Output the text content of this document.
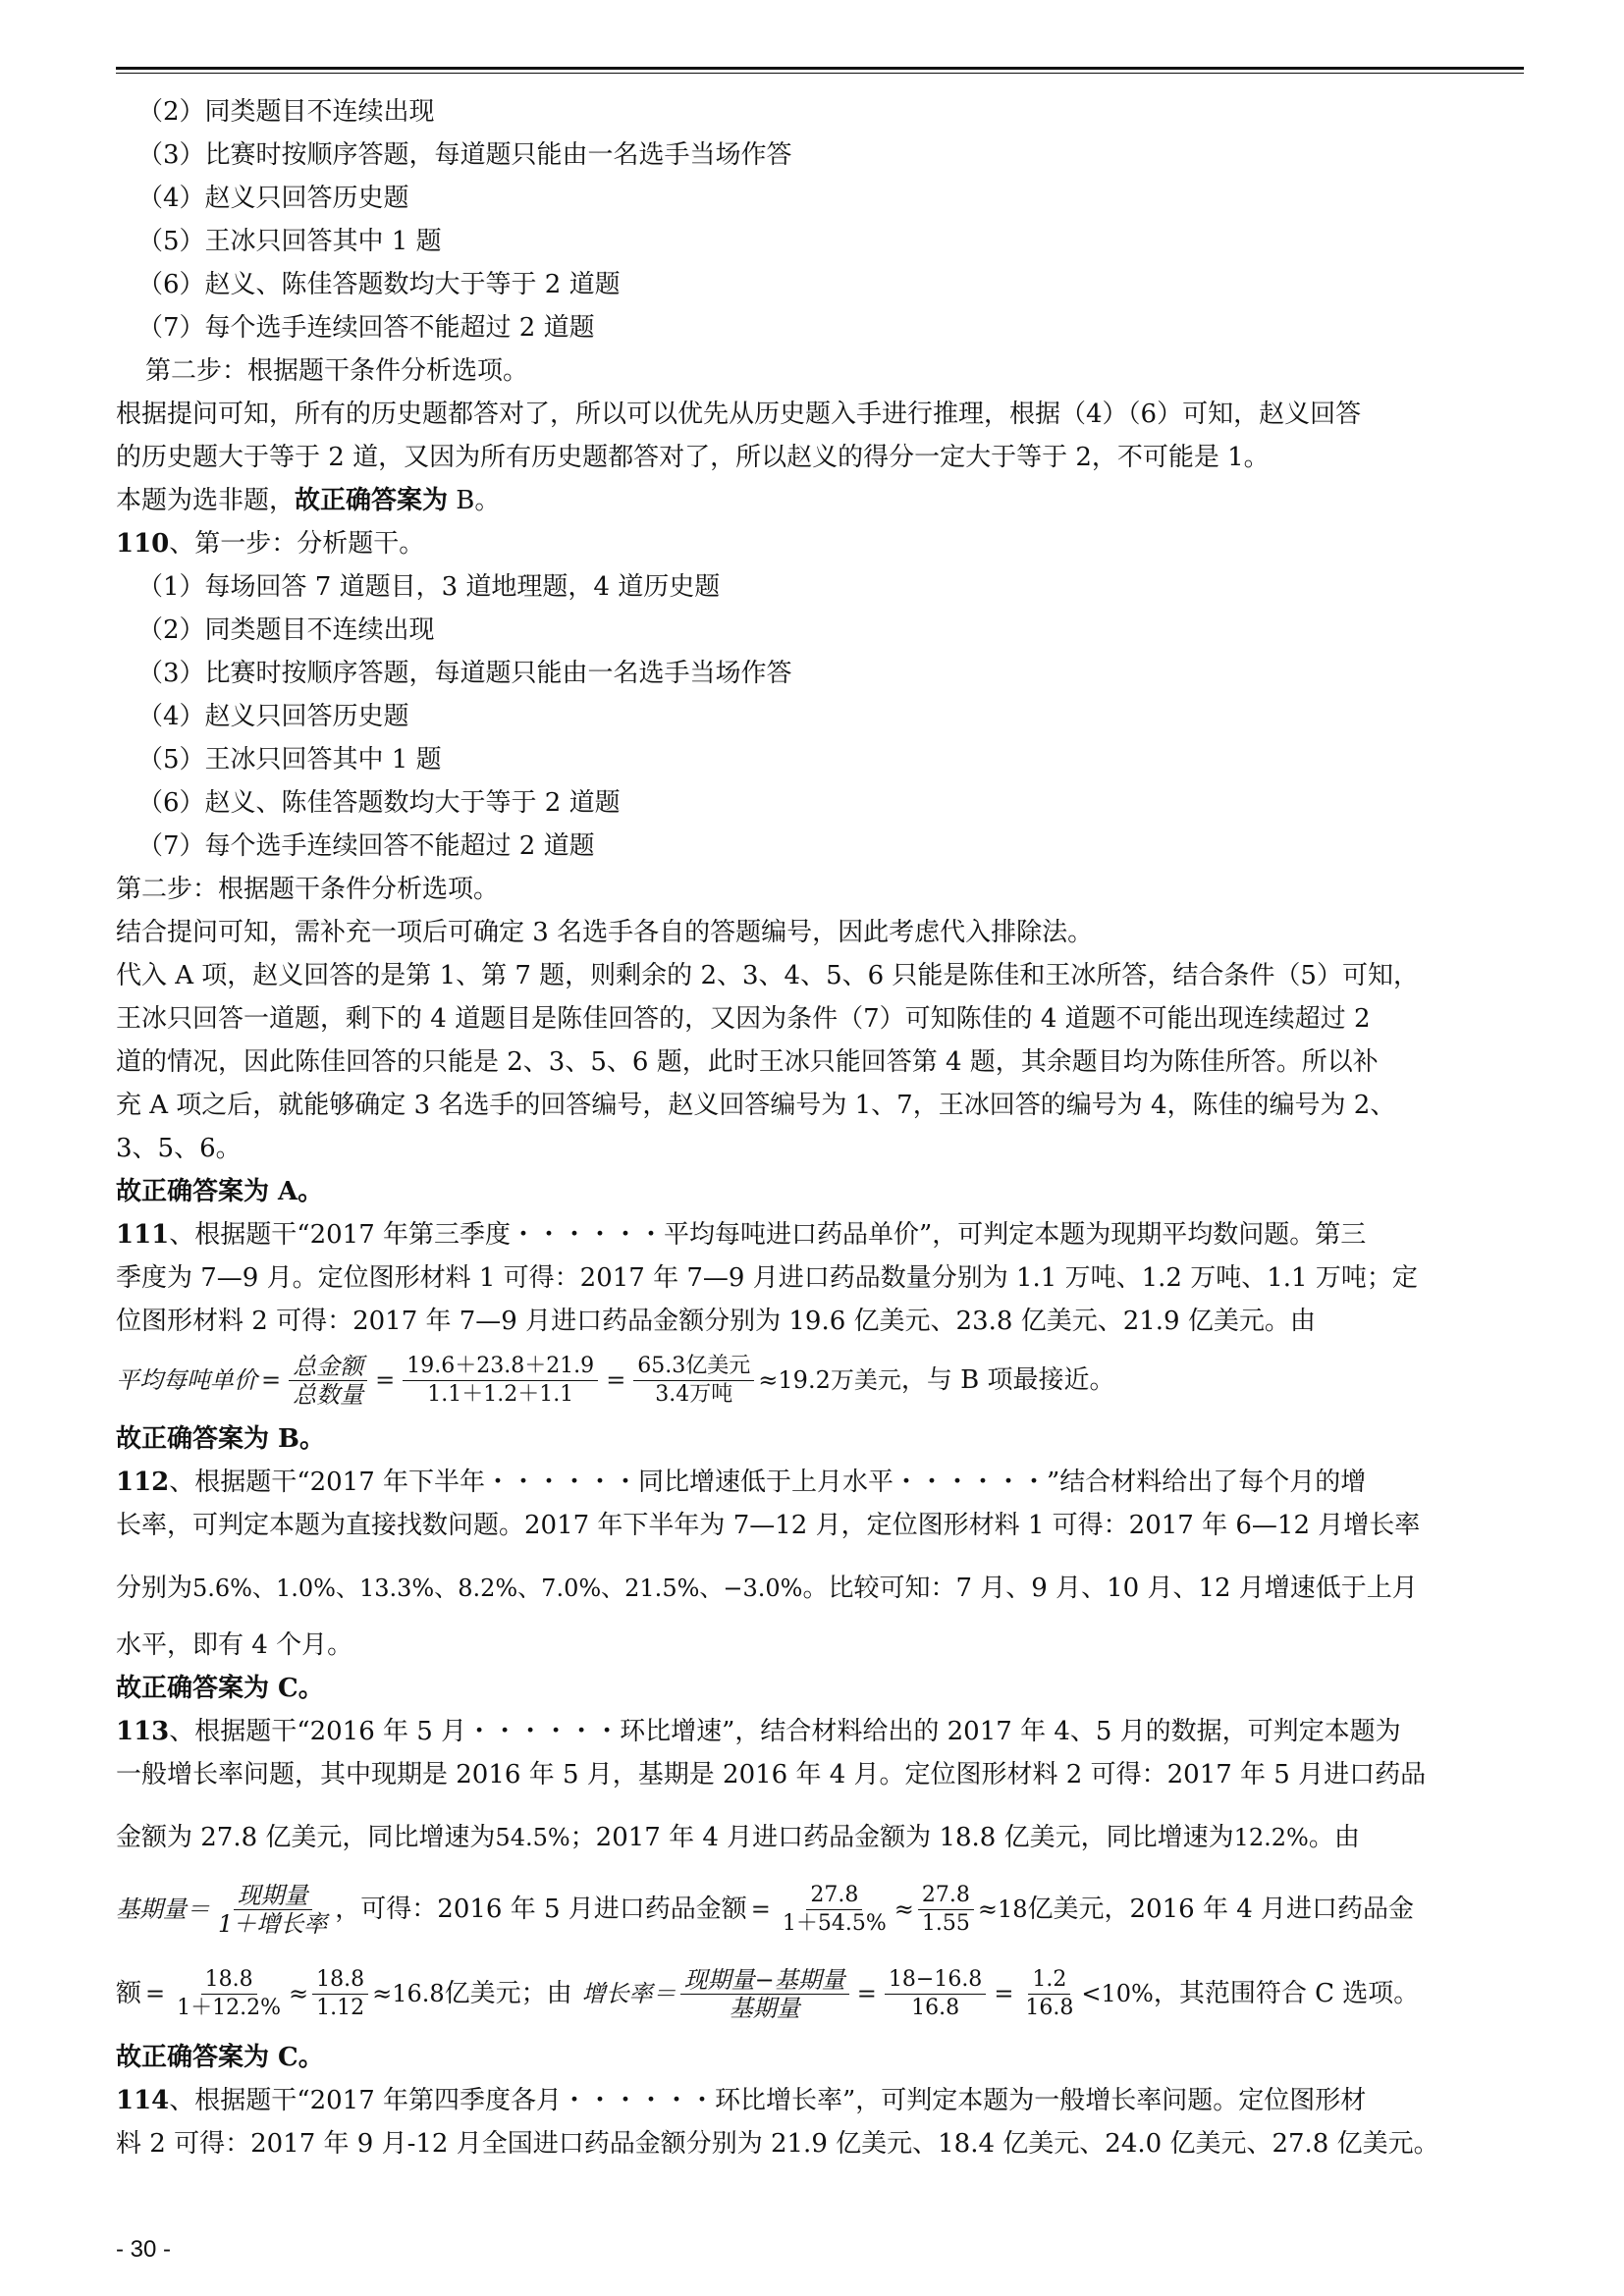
（2）同类题目不连续出现

（3）比赛时按顺序答题，每道题只能由一名选手当场作答

（4）赵义只回答历史题

（5）王冰只回答其中 1 题

（6）赵义、陈佳答题数均大于等于 2 道题

（7）每个选手连续回答不能超过 2 道题

第二步：根据题干条件分析选项。

根据提问可知，所有的历史题都答对了，所以可以优先从历史题入手进行推理，根据（4）（6）可知，赵义回答

的历史题大于等于 2 道，又因为所有历史题都答对了，所以赵义的得分一定大于等于 2，不可能是 1。

本题为选非题，故正确答案为 B。

110、第一步：分析题干。

（1）每场回答 7 道题目，3 道地理题，4 道历史题

（2）同类题目不连续出现

（3）比赛时按顺序答题，每道题只能由一名选手当场作答

（4）赵义只回答历史题

（5）王冰只回答其中 1 题

（6）赵义、陈佳答题数均大于等于 2 道题

（7）每个选手连续回答不能超过 2 道题

第二步：根据题干条件分析选项。

结合提问可知，需补充一项后可确定 3 名选手各自的答题编号，因此考虑代入排除法。

代入 A 项，赵义回答的是第 1、第 7 题，则剩余的 2、3、4、5、6 只能是陈佳和王冰所答，结合条件（5）可知，

王冰只回答一道题，剩下的 4 道题目是陈佳回答的，又因为条件（7）可知陈佳的 4 道题不可能出现连续超过 2

道的情况，因此陈佳回答的只能是 2、3、5、6 题，此时王冰只能回答第 4 题，其余题目均为陈佳所答。所以补

充 A 项之后，就能够确定 3 名选手的回答编号，赵义回答编号为 1、7，王冰回答的编号为 4，陈佳的编号为 2、

3、5、6。

故正确答案为 A。

111、根据题干“2017 年第三季度・・・・・・平均每吨进口药品单价”，可判定本题为现期平均数问题。第三

季度为 7—9 月。定位图形材料 1 可得：2017 年 7—9 月进口药品数量分别为 1.1 万吨、1.2 万吨、1.1 万吨；定

位图形材料 2 可得：2017 年 7—9 月进口药品金额分别为 19.6 亿美元、23.8 亿美元、21.9 亿美元。由

平均每吨单价 = $\frac{\text{总金额}}{\text{总数量}} = \frac{19.6+23.8+21.9}{1.1+1.2+1.1} = \frac{\text{65.3亿美元}}{\text{3.4万吨}} \approx 19.2$万美元 ，与 B 项最接近。

故正确答案为 B。

112、根据题干“2017 年下半年・・・・・・同比增速低于上月水平・・・・・・”结合材料给出了每个月的增

长率，可判定本题为直接找数问题。2017 年下半年为 7—12 月，定位图形材料 1 可得：2017 年 6—12 月增长率

分别为5.6%、1.0%、13.3%、8.2%、7.0%、21.5%、−3.0%。比较可知：7 月、9 月、10 月、12 月增速低于上月

水平，即有 4 个月。

故正确答案为 C。

113、根据题干“2016 年 5 月・・・・・・环比增速”，结合材料给出的 2017 年 4、5 月的数据，可判定本题为

一般增长率问题，其中现期是 2016 年 5 月，基期是 2016 年 4 月。定位图形材料 2 可得：2017 年 5 月进口药品

金额为 27.8 亿美元，同比增速为54.5%；2017 年 4 月进口药品金额为 18.8 亿美元，同比增速为12.2%。由

基期量＝ $\frac{\text{现期量}}{\text{1＋增长率}}$ ，可得：2016 年 5 月进口药品金额 = $\frac{27.8}{1+54.5\%} \approx \frac{27.8}{1.55} \approx 18$ 亿美元，2016 年 4 月进口药品金

额 = $\frac{18.8}{1+12.2\%} \approx \frac{18.8}{1.12} \approx 16.8$ 亿美元；由 增长率＝ $\frac{\text{现期量−基期量}}{\text{基期量}} = \frac{18-16.8}{16.8} = \frac{1.2}{16.8} <10\%$ ，其范围符合 C 选项。

故正确答案为 C。

114、根据题干“2017 年第四季度各月・・・・・・环比增长率”，可判定本题为一般增长率问题。定位图形材

料 2 可得：2017 年 9 月-12 月全国进口药品金额分别为 21.9 亿美元、18.4 亿美元、24.0 亿美元、27.8 亿美元。

- 30 -
